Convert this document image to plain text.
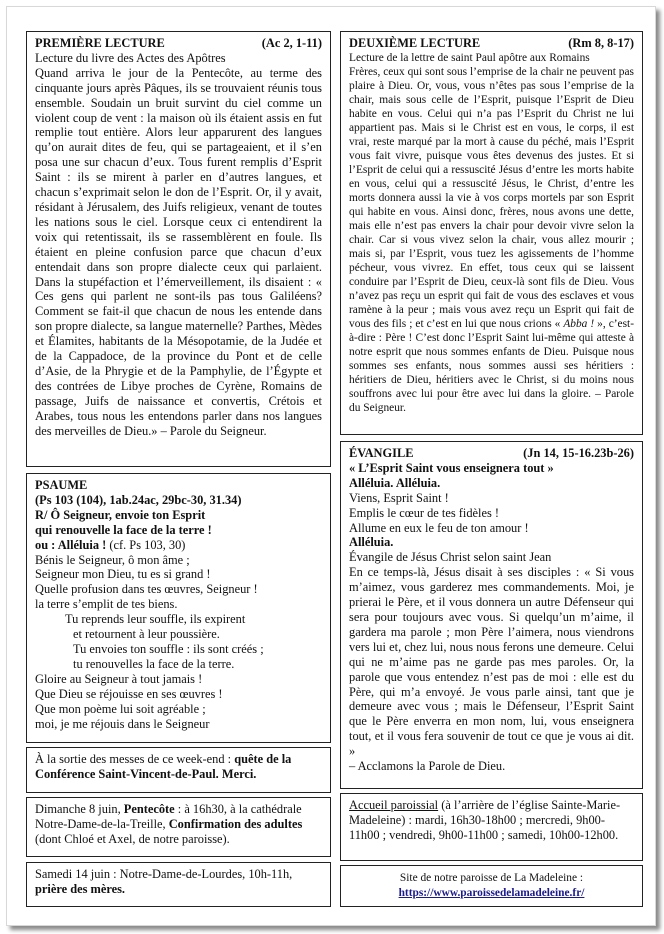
PREMIÈRE LECTURE	(Ac 2, 1-11)

Lecture du livre des Actes des Apôtres

Quand arriva le jour de la Pentecôte, au terme des cinquante jours après Pâques, ils se trouvaient réunis tous ensemble. Soudain un bruit survint du ciel comme un violent coup de vent : la maison où ils étaient assis en fut remplie tout entière. Alors leur apparurent des langues qu’on aurait dites de feu, qui se partageaient, et il s’en posa une sur chacun d’eux. Tous furent remplis d’Esprit Saint : ils se mirent à parler en d’autres langues, et chacun s’exprimait selon le don de l’Esprit. Or, il y avait, résidant à Jérusalem, des Juifs religieux, venant de toutes les nations sous le ciel. Lorsque ceux ci entendirent la voix qui retentissait, ils se rassemblèrent en foule. Ils étaient en pleine confusion parce que chacun d’eux entendait dans son propre dialecte ceux qui parlaient. Dans la stupéfaction et l’émerveillement, ils disaient : « Ces gens qui parlent ne sont-ils pas tous Galiléens? Comment se fait-il que chacun de nous les entende dans son propre dialecte, sa langue maternelle? Parthes, Mèdes et Élamites, habitants de la Mésopotamie, de la Judée et de la Cappadoce, de la province du Pont et de celle d’Asie, de la Phrygie et de la Pamphylie, de l’Égypte et des contrées de Libye proches de Cyrène, Romains de passage, Juifs de naissance et convertis, Crétois et Arabes, tous nous les entendons parler dans nos langues des merveilles de Dieu.» – Parole du Seigneur.

PSAUME

(Ps 103 (104), 1ab.24ac, 29bc-30, 31.34)

R/ Ô Seigneur, envoie ton Esprit

qui renouvelle la face de la terre !

ou : Alléluia ! (cf. Ps 103, 30)

Bénis le Seigneur, ô mon âme ;

Seigneur mon Dieu, tu es si grand !

Quelle profusion dans tes œuvres, Seigneur !

la terre s’emplit de tes biens.

Tu reprends leur souffle, ils expirent

et retournent à leur poussière.

Tu envoies ton souffle : ils sont créés ;

tu renouvelles la face de la terre.

Gloire au Seigneur à tout jamais !

Que Dieu se réjouisse en ses œuvres !

Que mon poème lui soit agréable ;

moi, je me réjouis dans le Seigneur

À la sortie des messes de ce week-end : quête de la Conférence Saint-Vincent-de-Paul. Merci.

Dimanche 8 juin, Pentecôte : à 16h30, à la cathédrale Notre-Dame-de-la-Treille, Confirmation des adultes (dont Chloé et Axel, de notre paroisse).

Samedi 14 juin : Notre-Dame-de-Lourdes, 10h-11h, prière des mères.

DEUXIÈME LECTURE	(Rm 8, 8-17)

Lecture de la lettre de saint Paul apôtre aux Romains

Frères, ceux qui sont sous l’emprise de la chair ne peuvent pas plaire à Dieu. Or, vous, vous n’êtes pas sous l’emprise de la chair, mais sous celle de l’Esprit, puisque l’Esprit de Dieu habite en vous. Celui qui n’a pas l’Esprit du Christ ne lui appartient pas. Mais si le Christ est en vous, le corps, il est vrai, reste marqué par la mort à cause du péché, mais l’Esprit vous fait vivre, puisque vous êtes devenus des justes. Et si l’Esprit de celui qui a ressuscité Jésus d’entre les morts habite en vous, celui qui a ressuscité Jésus, le Christ, d’entre les morts donnera aussi la vie à vos corps mortels par son Esprit qui habite en vous. Ainsi donc, frères, nous avons une dette, mais elle n’est pas envers la chair pour devoir vivre selon la chair. Car si vous vivez selon la chair, vous allez mourir ; mais si, par l’Esprit, vous tuez les agissements de l’homme pécheur, vous vivrez. En effet, tous ceux qui se laissent conduire par l’Esprit de Dieu, ceux-là sont fils de Dieu. Vous n’avez pas reçu un esprit qui fait de vous des esclaves et vous ramène à la peur ; mais vous avez reçu un Esprit qui fait de vous des fils ; et c’est en lui que nous crions « Abba ! », c’est-à-dire : Père ! C’est donc l’Esprit Saint lui-même qui atteste à notre esprit que nous sommes enfants de Dieu. Puisque nous sommes ses enfants, nous sommes aussi ses héritiers : héritiers de Dieu, héritiers avec le Christ, si du moins nous souffrons avec lui pour être avec lui dans la gloire. – Parole du Seigneur.

ÉVANGILE	(Jn 14, 15-16.23b-26)

« L’Esprit Saint vous enseignera tout »

Alléluia. Alléluia.

Viens, Esprit Saint !

Emplis le cœur de tes fidèles !

Allume en eux le feu de ton amour !

Alléluia.

Évangile de Jésus Christ selon saint Jean

En ce temps-là, Jésus disait à ses disciples : « Si vous m’aimez, vous garderez mes commandements. Moi, je prierai le Père, et il vous donnera un autre Défenseur qui sera pour toujours avec vous. Si quelqu’un m’aime, il gardera ma parole ; mon Père l’aimera, nous viendrons vers lui et, chez lui, nous nous ferons une demeure. Celui qui ne m’aime pas ne garde pas mes paroles. Or, la parole que vous entendez n’est pas de moi : elle est du Père, qui m’a envoyé. Je vous parle ainsi, tant que je demeure avec vous ; mais le Défenseur, l’Esprit Saint que le Père enverra en mon nom, lui, vous enseignera tout, et il vous fera souvenir de tout ce que je vous ai dit. »

– Acclamons la Parole de Dieu.

Accueil paroissial (à l’arrière de l’église Sainte-Marie-Madeleine) : mardi, 16h30-18h00 ; mercredi, 9h00-11h00 ; vendredi, 9h00-11h00 ; samedi, 10h00-12h00.

Site de notre paroisse de La Madeleine :

https://www.paroissedelamadeleine.fr/
